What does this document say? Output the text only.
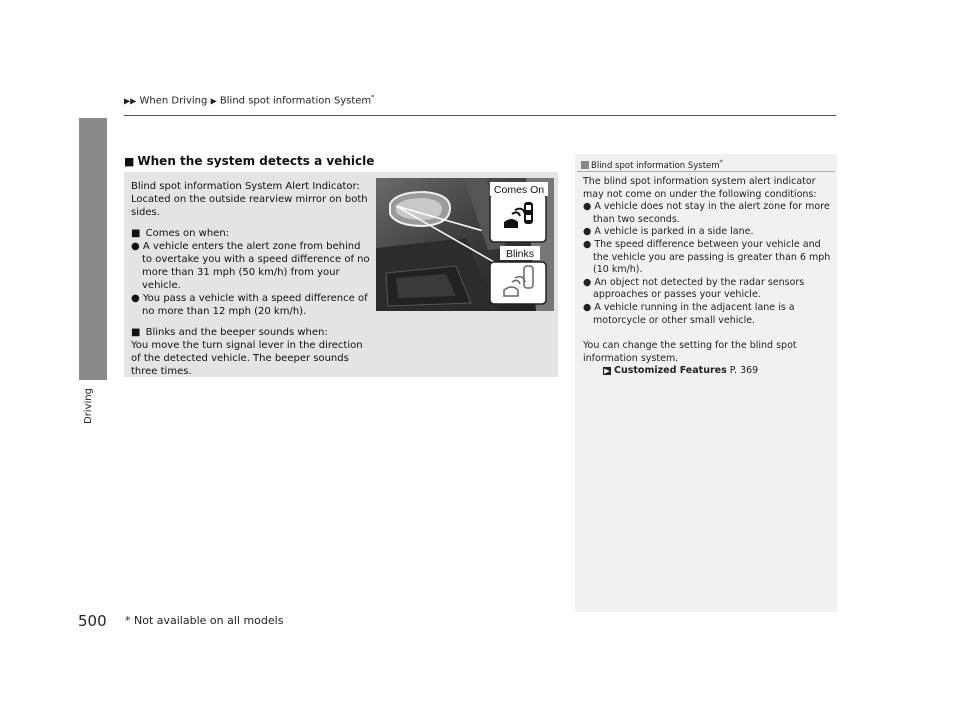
▶▶ When Driving ▶ Blind spot information System*
Driving
■ When the system detects a vehicle

Blind spot information System Alert Indicator: Located on the outside rearview mirror on both sides.

■ Comes on when:

● A vehicle enters the alert zone from behind to overtake you with a speed difference of no more than 31 mph (50 km/h) from your vehicle.
● You pass a vehicle with a speed difference of no more than 12 mph (20 km/h).

■ Blinks and the beeper sounds when:

You move the turn signal lever in the direction of the detected vehicle. The beeper sounds three times.

Comes On
Blinks
Blind spot information System*

The blind spot information system alert indicator may not come on under the following conditions:

● A vehicle does not stay in the alert zone for more than two seconds.
● A vehicle is parked in a side lane.
● The speed difference between your vehicle and the vehicle you are passing is greater than 6 mph (10 km/h).
● An object not detected by the radar sensors approaches or passes your vehicle.
● A vehicle running in the adjacent lane is a motorcycle or other small vehicle.

You can change the setting for the blind spot information system.

▶ Customized Features P. 369

500 * Not available on all models
